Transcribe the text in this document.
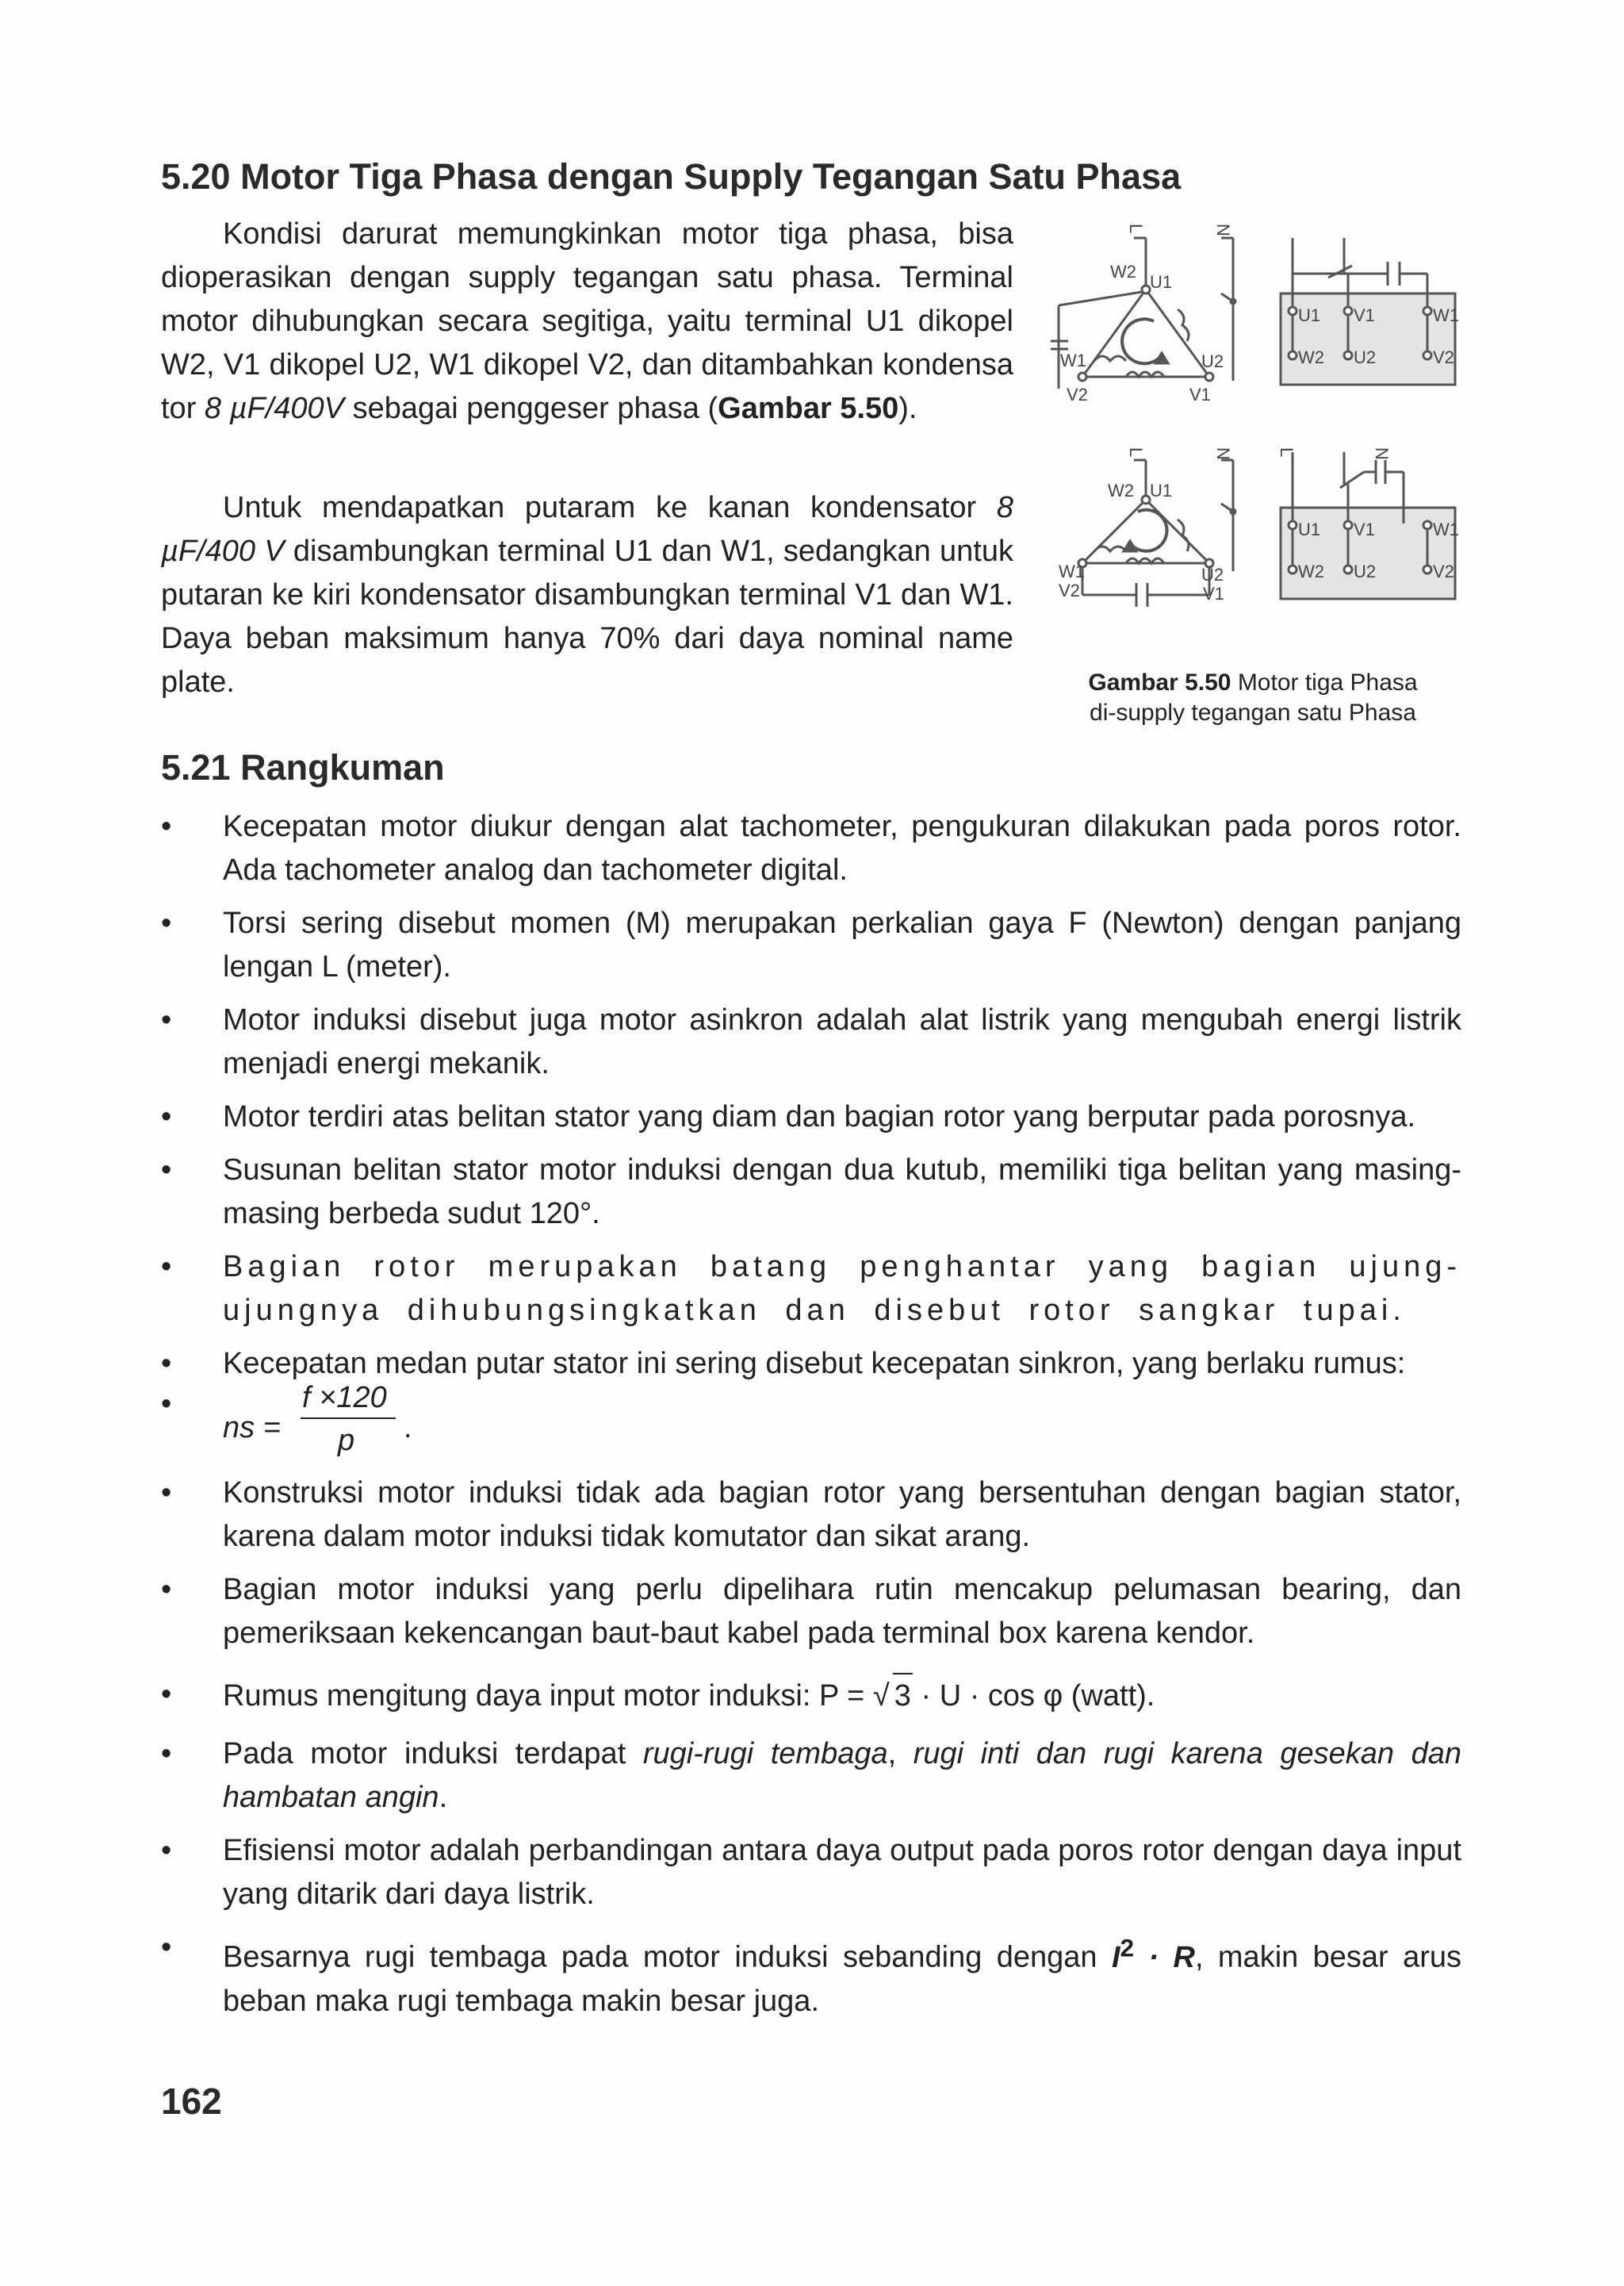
5.20 Motor Tiga Phasa dengan Supply Tegangan Satu Phasa

Kondisi darurat memungkinkan motor tiga phasa, bisa dioperasikan dengan supply tegangan satu phasa. Terminal motor dihubungkan secara segitiga, yaitu terminal U1 dikopel W2, V1 dikopel U2, W1 dikopel V2, dan ditambahkan kondensa tor 8 µF/400V sebagai penggeser phasa (Gambar 5.50).

Untuk mendapatkan putaram ke kanan kondensator 8 µF/400 V disambungkan terminal U1 dan W1, sedangkan untuk putaran ke kiri kondensator disambungkan terminal V1 dan W1. Daya beban maksimum hanya 70% dari daya nominal name plate.

W2
U1
W1
V2
U2
V1
L	N
U1 V1	W1
W2 U2	V2
W2 U1
W1
V2
U2
V1
L	N
U1 V1	W1
W2 U2	V2
L	N
Gambar 5.50 Motor tiga Phasa
di-supply tegangan satu Phasa
5.21 Rangkuman
• Kecepatan motor diukur dengan alat tachometer, pengukuran dilakukan pada poros rotor. Ada tachometer analog dan tachometer digital.
• Torsi sering disebut momen (M) merupakan perkalian gaya F (Newton) dengan panjang lengan L (meter).
• Motor induksi disebut juga motor asinkron adalah alat listrik yang mengubah energi listrik menjadi energi mekanik.
• Motor terdiri atas belitan stator yang diam dan bagian rotor yang berputar pada porosnya.
• Susunan belitan stator motor induksi dengan dua kutub, memiliki tiga belitan yang masing-masing berbeda sudut 120°.
• Bagian rotor merupakan batang penghantar yang bagian ujung-ujungnya dihubungsingkatkan dan disebut rotor sangkar tupai.
• Kecepatan medan putar stator ini sering disebut kecepatan sinkron, yang berlaku rumus:
• ns =
f ×120
p .
• Konstruksi motor induksi tidak ada bagian rotor yang bersentuhan dengan bagian stator, karena dalam motor induksi tidak komutator dan sikat arang.
• Bagian motor induksi yang perlu dipelihara rutin mencakup pelumasan bearing, dan pemeriksaan kekencangan baut-baut kabel pada terminal box karena kendor.
• Rumus mengitung daya input motor induksi: P = √ 3 · U · cos φ (watt).
• Pada motor induksi terdapat rugi-rugi tembaga, rugi inti dan rugi karena gesekan dan hambatan angin.
• Efisiensi motor adalah perbandingan antara daya output pada poros rotor dengan daya input yang ditarik dari daya listrik.
• Besarnya rugi tembaga pada motor induksi sebanding dengan $I^2 \cdot R$, makin besar arus beban maka rugi tembaga makin besar juga.

162
